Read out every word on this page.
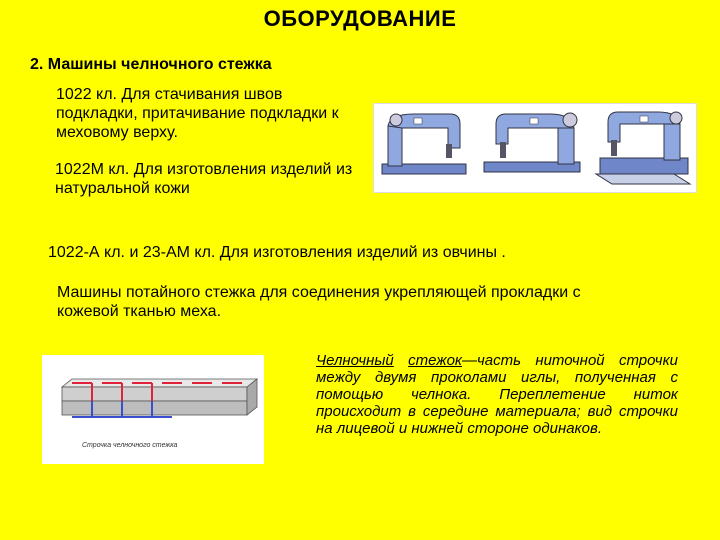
ОБОРУДОВАНИЕ
2. Машины челночного стежка
1022 кл. Для стачивания швов подкладки, притачивание подкладки к меховому верху.
1022М кл. Для изготовления изделий из натуральной кожи
1022-А кл. и 23-АМ кл. Для изготовления изделий из овчины .
Машины потайного стежка для соединения укрепляющей прокладки с кожевой тканью меха.
Строчка челночного стежка
Челночный стежок—часть ниточной строчки между двумя проколами иглы, полученная с помощью челнока. Переплетение ниток происходит в середине материала; вид строчки на лицевой и нижней стороне одинаков.
